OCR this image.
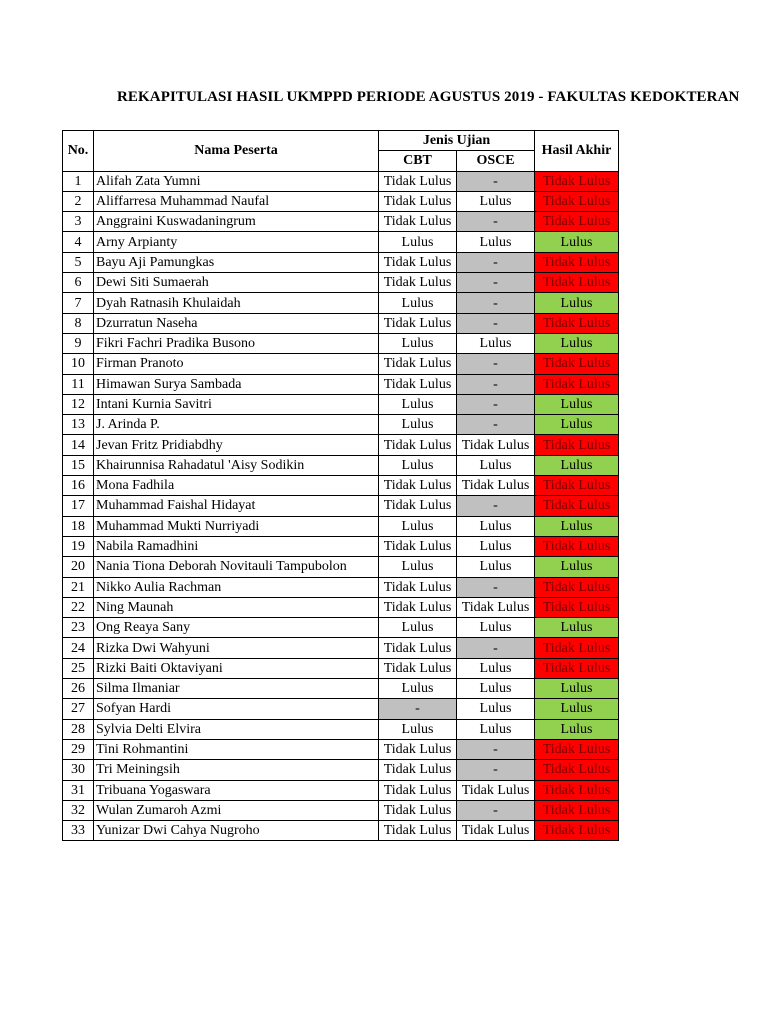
REKAPITULASI HASIL UKMPPD PERIODE AGUSTUS 2019 - FAKULTAS KEDOKTERAN
No.	Nama Peserta	Jenis Ujian		Hasil Akhir
		CBT	OSCE	
1	Alifah Zata Yumni	Tidak Lulus	-	Tidak Lulus
2	Aliffarresa Muhammad Naufal	Tidak Lulus	Lulus	Tidak Lulus
3	Anggraini Kuswadaningrum	Tidak Lulus	-	Tidak Lulus
4	Arny Arpianty	Lulus	Lulus	Lulus
5	Bayu Aji Pamungkas	Tidak Lulus	-	Tidak Lulus
6	Dewi Siti Sumaerah	Tidak Lulus	-	Tidak Lulus
7	Dyah Ratnasih Khulaidah	Lulus	-	Lulus
8	Dzurratun Naseha	Tidak Lulus	-	Tidak Lulus
9	Fikri Fachri Pradika Busono	Lulus	Lulus	Lulus
10	Firman Pranoto	Tidak Lulus	-	Tidak Lulus
11	Himawan Surya Sambada	Tidak Lulus	-	Tidak Lulus
12	Intani Kurnia Savitri	Lulus	-	Lulus
13	J. Arinda P.	Lulus	-	Lulus
14	Jevan Fritz Pridiabdhy	Tidak Lulus	Tidak Lulus	Tidak Lulus
15	Khairunnisa Rahadatul 'Aisy Sodikin	Lulus	Lulus	Lulus
16	Mona Fadhila	Tidak Lulus	Tidak Lulus	Tidak Lulus
17	Muhammad Faishal Hidayat	Tidak Lulus	-	Tidak Lulus
18	Muhammad Mukti Nurriyadi	Lulus	Lulus	Lulus
19	Nabila Ramadhini	Tidak Lulus	Lulus	Tidak Lulus
20	Nania Tiona Deborah Novitauli Tampubolon	Lulus	Lulus	Lulus
21	Nikko Aulia Rachman	Tidak Lulus	-	Tidak Lulus
22	Ning Maunah	Tidak Lulus	Tidak Lulus	Tidak Lulus
23	Ong Reaya Sany	Lulus	Lulus	Lulus
24	Rizka Dwi Wahyuni	Tidak Lulus	-	Tidak Lulus
25	Rizki Baiti Oktaviyani	Tidak Lulus	Lulus	Tidak Lulus
26	Silma Ilmaniar	Lulus	Lulus	Lulus
27	Sofyan Hardi	-	Lulus	Lulus
28	Sylvia Delti Elvira	Lulus	Lulus	Lulus
29	Tini Rohmantini	Tidak Lulus	-	Tidak Lulus
30	Tri Meiningsih	Tidak Lulus	-	Tidak Lulus
31	Tribuana Yogaswara	Tidak Lulus	Tidak Lulus	Tidak Lulus
32	Wulan Zumaroh Azmi	Tidak Lulus	-	Tidak Lulus
33	Yunizar Dwi Cahya Nugroho	Tidak Lulus	Tidak Lulus	Tidak Lulus
